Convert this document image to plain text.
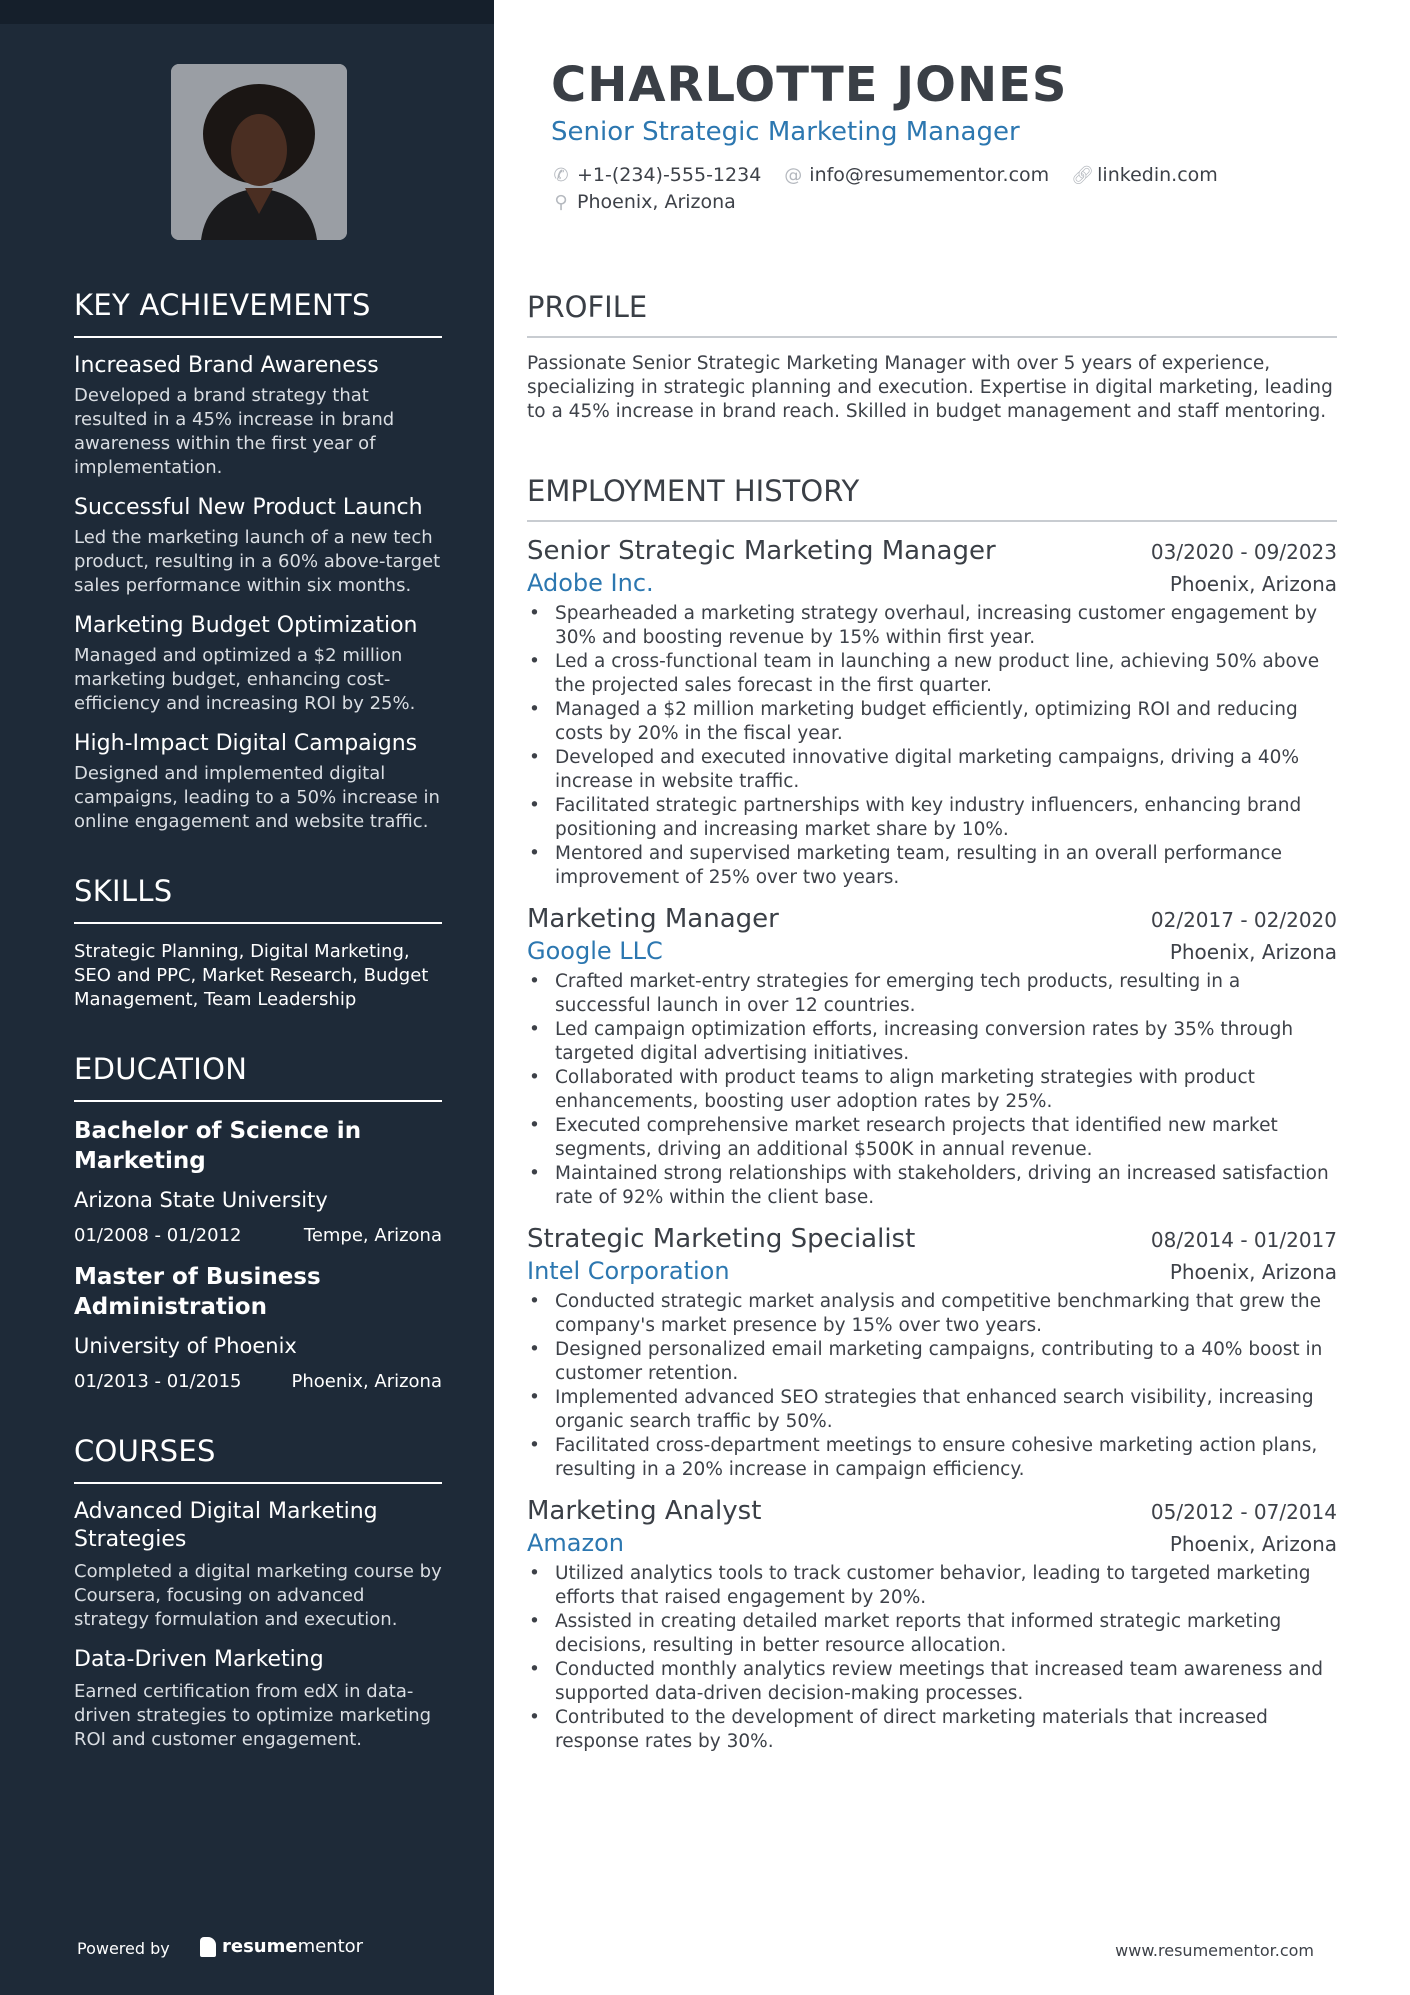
KEY ACHIEVEMENTS
Increased Brand Awareness
Developed a brand strategy that resulted in a 45% increase in brand awareness within the first year of implementation.
Successful New Product Launch
Led the marketing launch of a new tech product, resulting in a 60% above-target sales performance within six months.
Marketing Budget Optimization
Managed and optimized a $2 million marketing budget, enhancing cost-efficiency and increasing ROI by 25%.
High-Impact Digital Campaigns
Designed and implemented digital campaigns, leading to a 50% increase in online engagement and website traffic.
SKILLS
Strategic Planning, Digital Marketing, SEO and PPC, Market Research, Budget Management, Team Leadership
EDUCATION
Bachelor of Science in Marketing
Arizona State University
01/2008 - 01/2012	Tempe, Arizona
Master of Business Administration
University of Phoenix
01/2013 - 01/2015	Phoenix, Arizona
COURSES
Advanced Digital Marketing Strategies
Completed a digital marketing course by Coursera, focusing on advanced strategy formulation and execution.
Data-Driven Marketing
Earned certification from edX in data-driven strategies to optimize marketing ROI and customer engagement.
Powered by	resumementor
CHARLOTTE JONES
Senior Strategic Marketing Manager
✆ +1-(234)-555-1234 @ info@resumementor.com 🔗︎ linkedin.com
⚲ Phoenix, Arizona
PROFILE
Passionate Senior Strategic Marketing Manager with over 5 years of experience, specializing in strategic planning and execution. Expertise in digital marketing, leading to a 45% increase in brand reach. Skilled in budget management and staff mentoring.
EMPLOYMENT HISTORY
Senior Strategic Marketing Manager	03/2020 - 09/2023
Adobe Inc.	Phoenix, Arizona
• Spearheaded a marketing strategy overhaul, increasing customer engagement by 30% and boosting revenue by 15% within first year.
• Led a cross-functional team in launching a new product line, achieving 50% above the projected sales forecast in the first quarter.
• Managed a $2 million marketing budget efficiently, optimizing ROI and reducing costs by 20% in the fiscal year.
• Developed and executed innovative digital marketing campaigns, driving a 40% increase in website traffic.
• Facilitated strategic partnerships with key industry influencers, enhancing brand positioning and increasing market share by 10%.
• Mentored and supervised marketing team, resulting in an overall performance improvement of 25% over two years.
Marketing Manager	02/2017 - 02/2020
Google LLC	Phoenix, Arizona
• Crafted market-entry strategies for emerging tech products, resulting in a successful launch in over 12 countries.
• Led campaign optimization efforts, increasing conversion rates by 35% through targeted digital advertising initiatives.
• Collaborated with product teams to align marketing strategies with product enhancements, boosting user adoption rates by 25%.
• Executed comprehensive market research projects that identified new market segments, driving an additional $500K in annual revenue.
• Maintained strong relationships with stakeholders, driving an increased satisfaction rate of 92% within the client base.
Strategic Marketing Specialist	08/2014 - 01/2017
Intel Corporation	Phoenix, Arizona
• Conducted strategic market analysis and competitive benchmarking that grew the company's market presence by 15% over two years.
• Designed personalized email marketing campaigns, contributing to a 40% boost in customer retention.
• Implemented advanced SEO strategies that enhanced search visibility, increasing organic search traffic by 50%.
• Facilitated cross-department meetings to ensure cohesive marketing action plans, resulting in a 20% increase in campaign efficiency.
Marketing Analyst	05/2012 - 07/2014
Amazon	Phoenix, Arizona
• Utilized analytics tools to track customer behavior, leading to targeted marketing efforts that raised engagement by 20%.
• Assisted in creating detailed market reports that informed strategic marketing decisions, resulting in better resource allocation.
• Conducted monthly analytics review meetings that increased team awareness and supported data-driven decision-making processes.
• Contributed to the development of direct marketing materials that increased response rates by 30%.
www.resumementor.com
